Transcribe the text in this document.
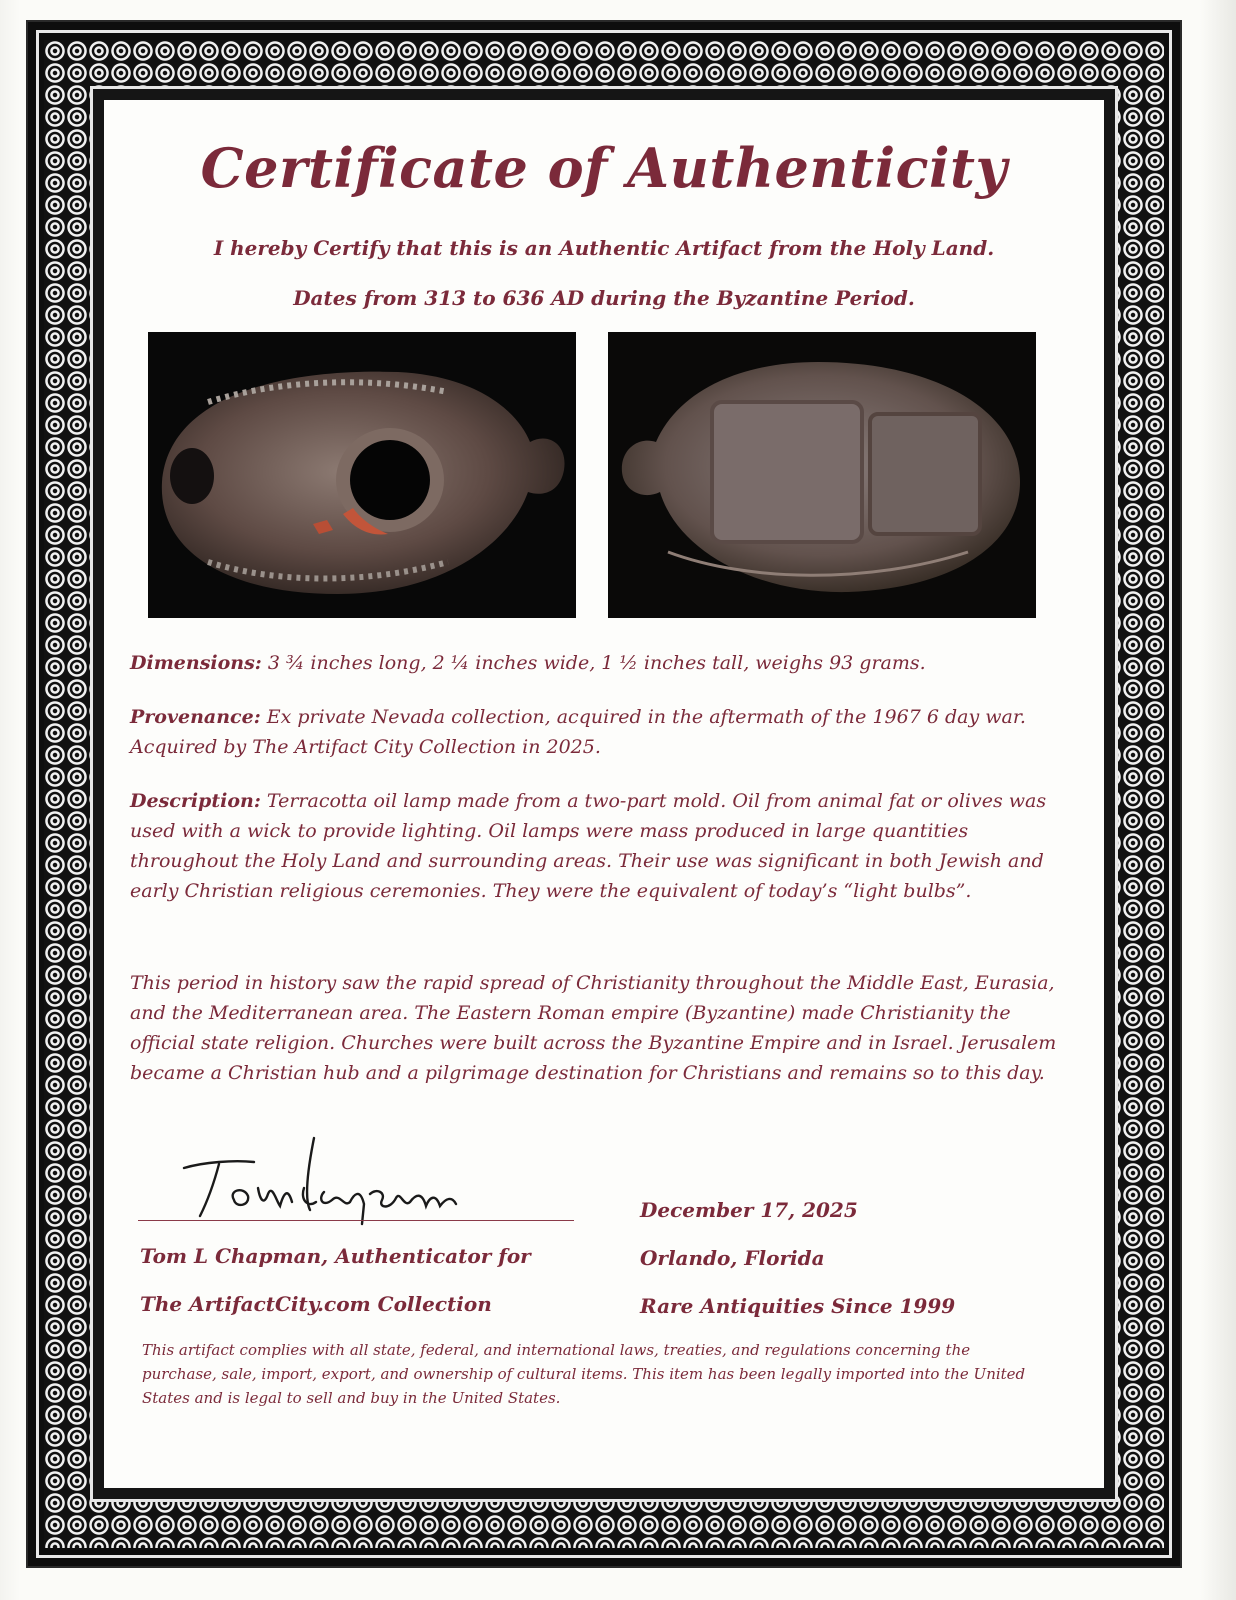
Certificate of Authenticity
I hereby Certify that this is an Authentic Artifact from the Holy Land.
Dates from 313 to 636 AD during the Byzantine Period.
Dimensions: 3 ¾ inches long, 2 ¼ inches wide, 1 ½ inches tall, weighs 93 grams.
Provenance: Ex private Nevada collection, acquired in the aftermath of the 1967 6 day war. Acquired by The Artifact City Collection in 2025.
Description: Terracotta oil lamp made from a two-part mold. Oil from animal fat or olives was used with a wick to provide lighting. Oil lamps were mass produced in large quantities throughout the Holy Land and surrounding areas. Their use was significant in both Jewish and early Christian religious ceremonies. They were the equivalent of today’s “light bulbs”.
This period in history saw the rapid spread of Christianity throughout the Middle East, Eurasia, and the Mediterranean area. The Eastern Roman empire (Byzantine) made Christianity the official state religion. Churches were built across the Byzantine Empire and in Israel. Jerusalem became a Christian hub and a pilgrimage destination for Christians and remains so to this day.
Tom L Chapman, Authenticator for
The ArtifactCity.com Collection
December 17, 2025
Orlando, Florida
Rare Antiquities Since 1999
This artifact complies with all state, federal, and international laws, treaties, and regulations concerning the purchase, sale, import, export, and ownership of cultural items. This item has been legally imported into the United States and is legal to sell and buy in the United States.
